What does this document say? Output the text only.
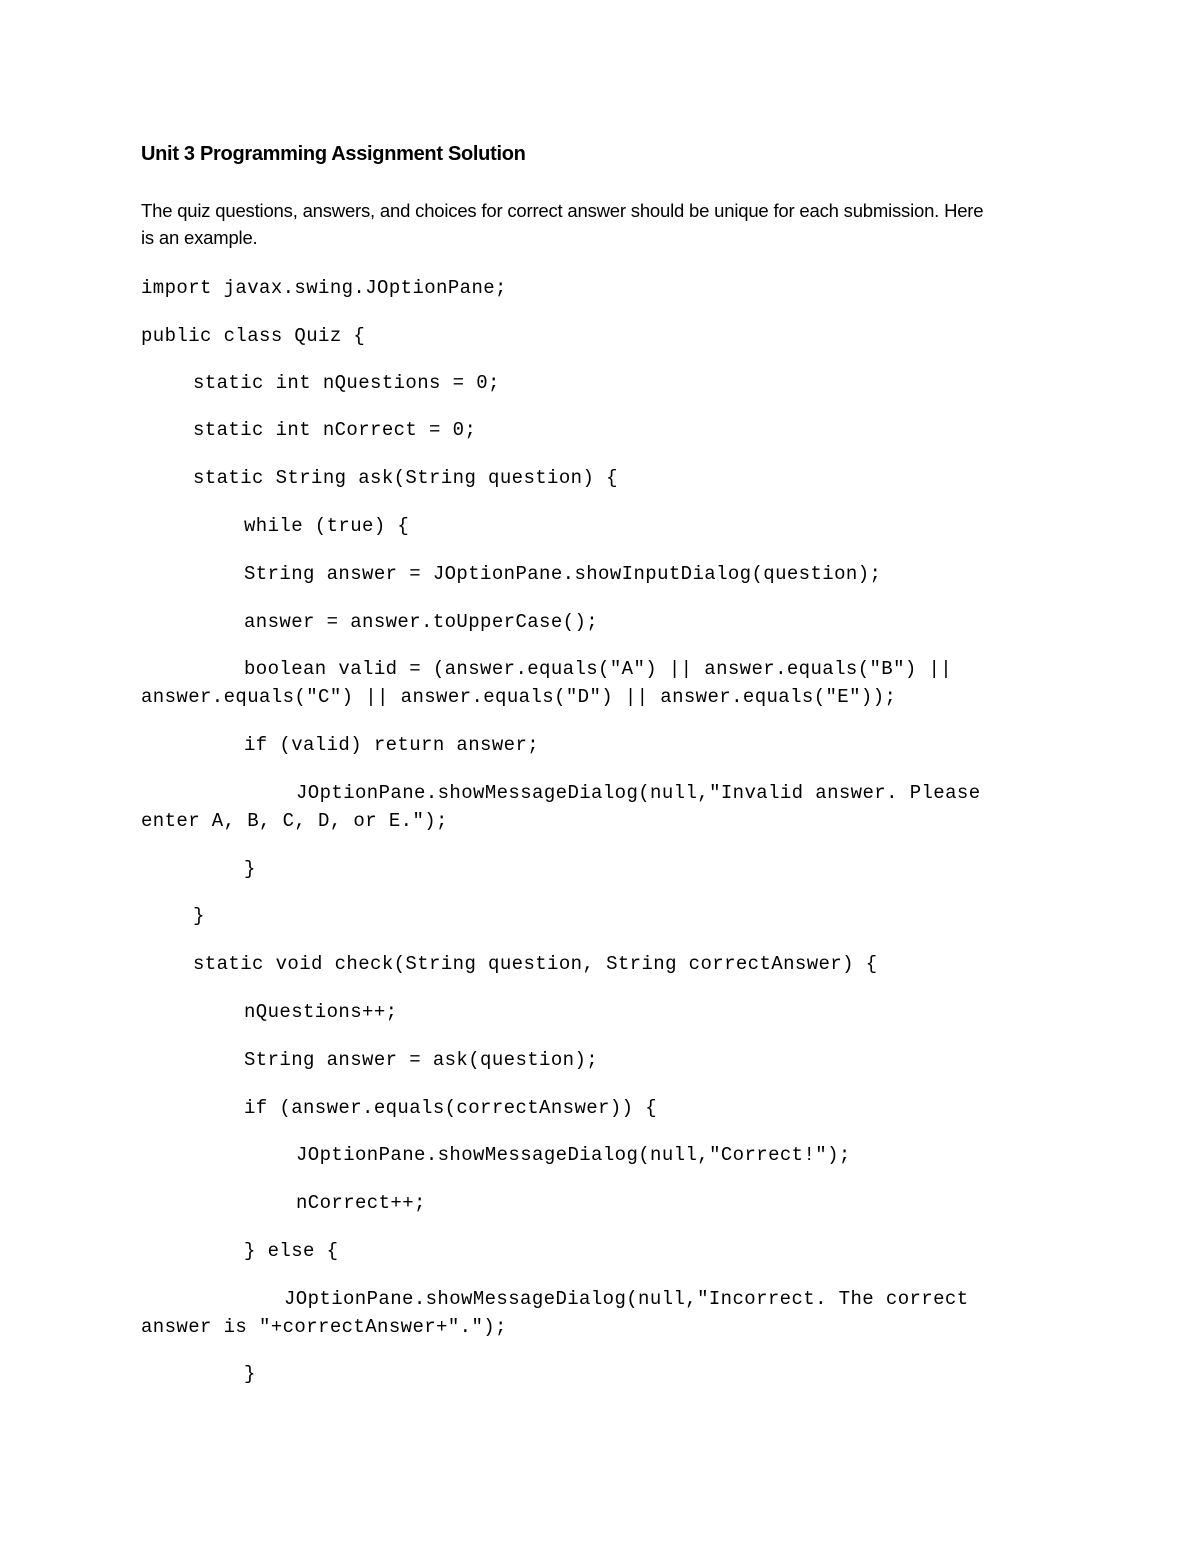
Unit 3 Programming Assignment Solution
The quiz questions, answers, and choices for correct answer should be unique for each submission. Here
is an example.
import javax.swing.JOptionPane;
public class Quiz {
static int nQuestions = 0;
static int nCorrect = 0;
static String ask(String question) {
while (true) {
String answer = JOptionPane.showInputDialog(question);
answer = answer.toUpperCase();
boolean valid = (answer.equals("A") || answer.equals("B") ||
answer.equals("C") || answer.equals("D") || answer.equals("E"));
if (valid) return answer;
JOptionPane.showMessageDialog(null,"Invalid answer. Please
enter A, B, C, D, or E.");
}
}
static void check(String question, String correctAnswer) {
nQuestions++;
String answer = ask(question);
if (answer.equals(correctAnswer)) {
JOptionPane.showMessageDialog(null,"Correct!");
nCorrect++;
} else {
JOptionPane.showMessageDialog(null,"Incorrect. The correct
answer is "+correctAnswer+".");
}
